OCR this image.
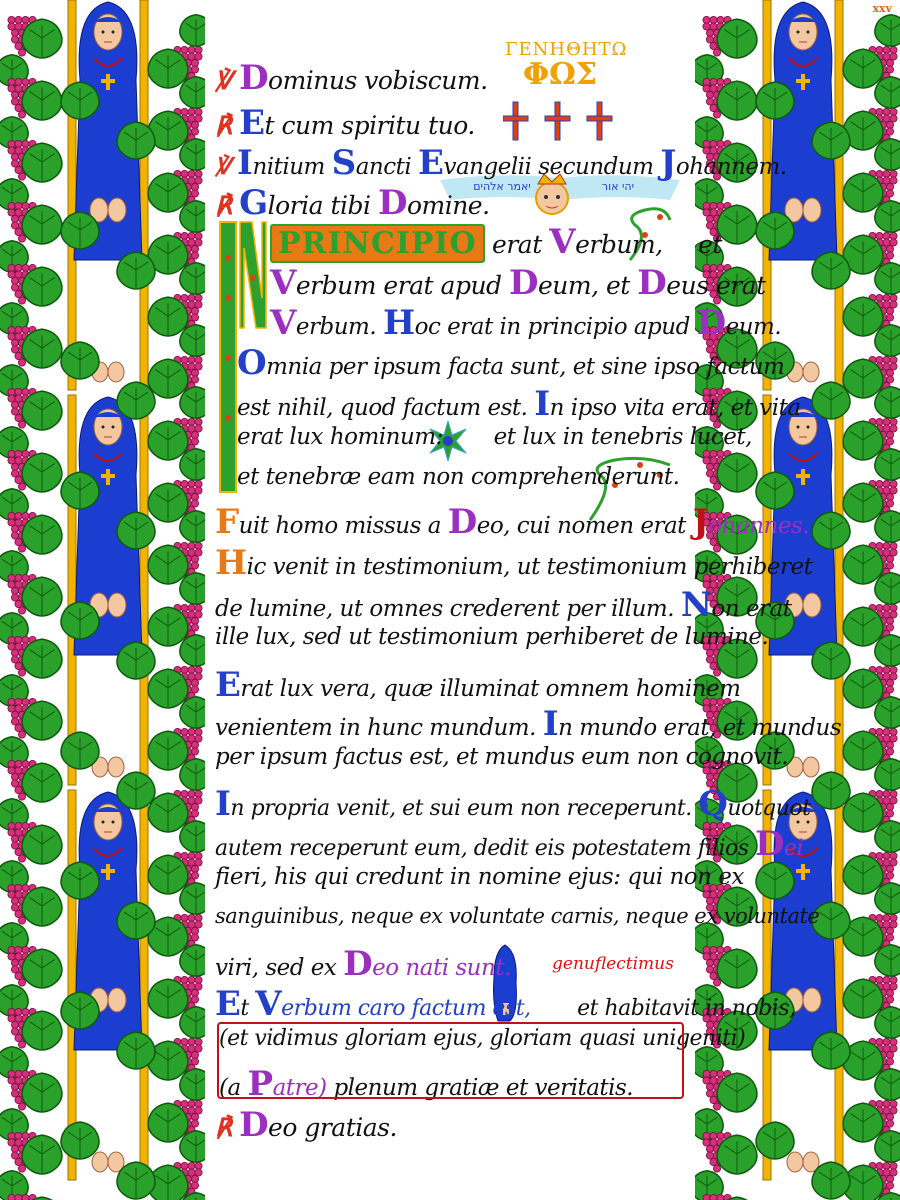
xxv
ΓΕΝΗΘΗΤΩ
ΦΩΣ
יאמר אלהים	יהי אור
℣ Dominus vobiscum.
℟ Et cum spiritu tuo.
℣ Initium Sancti Evangelii secundum Johannem.
℟ Gloria tibi Domine.
PRINCIPIO erat Verbum, et
Verbum erat apud Deum, et Deus erat
Verbum. Hoc erat in principio apud Deum.
Omnia per ipsum facta sunt, et sine ipso factum
est nihil, quod factum est. In ipso vita erat, et vita
erat lux hominum: et lux in tenebris lucet,
et tenebræ eam non comprehenderunt.
Fuit homo missus a Deo, cui nomen erat Johannes.
Hic venit in testimonium, ut testimonium perhiberet
de lumine, ut omnes crederent per illum. Non erat
ille lux, sed ut testimonium perhiberet de lumine.
Erat lux vera, quæ illuminat omnem hominem
venientem in hunc mundum. In mundo erat, et mundus
per ipsum factus est, et mundus eum non cognovit.
In propria venit, et sui eum non receperunt. Quotquot
autem receperunt eum, dedit eis potestatem filios Dei
fieri, his qui credunt in nomine ejus: qui non ex
sanguinibus, neque ex voluntate carnis, neque ex voluntate
viri, sed ex Deo nati sunt.
Et Verbum caro factum est, et habitavit in nobis,
(et vidimus gloriam ejus, gloriam quasi unigeniti)
(a Patre) plenum gratiæ et veritatis.
℟ Deo gratias.
genuflectimus
